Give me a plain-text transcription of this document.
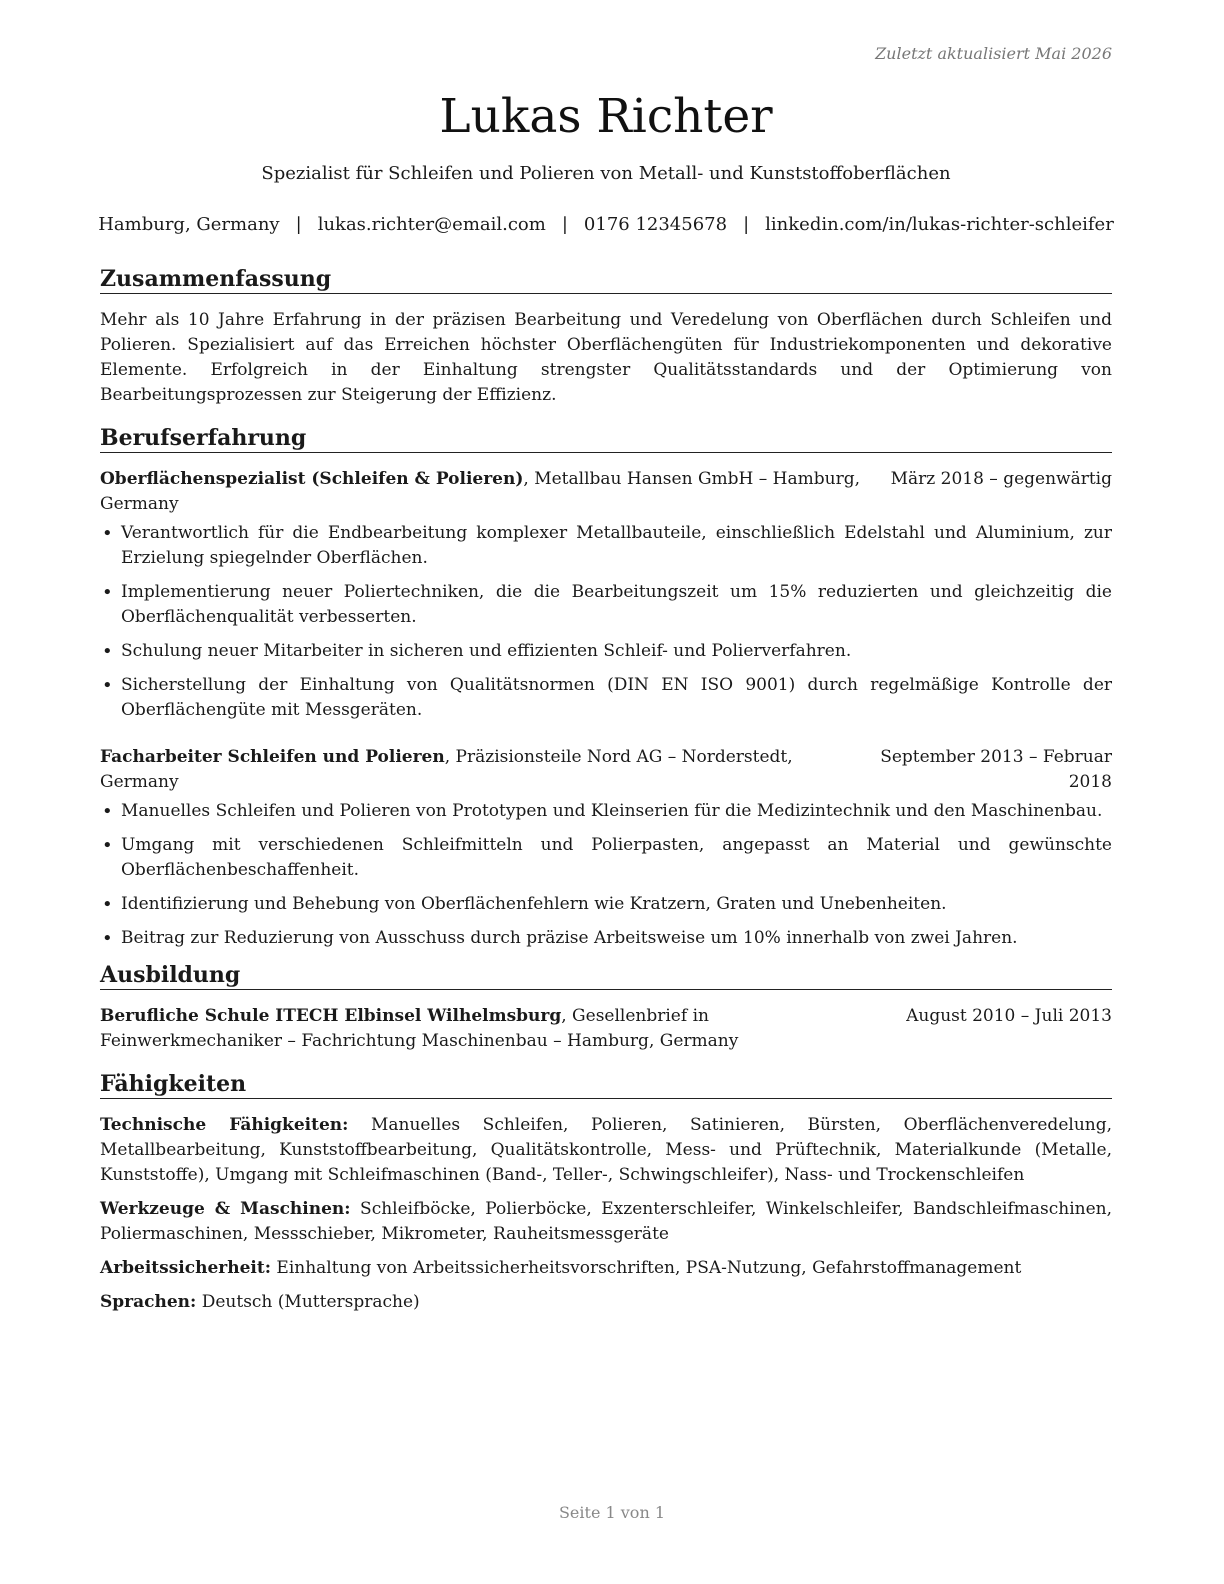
Zuletzt aktualisiert Mai 2026
Lukas Richter
Spezialist für Schleifen und Polieren von Metall- und Kunststoffoberflächen
Hamburg, Germany | lukas.richter@email.com | 0176 12345678 | linkedin.com/in/lukas-richter-schleifer
Zusammenfassung

Mehr als 10 Jahre Erfahrung in der präzisen Bearbeitung und Veredelung von Oberflächen durch Schleifen und Polieren. Spezialisiert auf das Erreichen höchster Oberflächengüten für Industriekomponenten und dekorative Elemente. Erfolgreich in der Einhaltung strengster Qualitätsstandards und der Optimierung von Bearbeitungsprozessen zur Steigerung der Effizienz.

Berufserfahrung
Oberflächenspezialist (Schleifen & Polieren), Metallbau Hansen GmbH – Hamburg, Germany
März 2018 – gegenwärtig
• Verantwortlich für die Endbearbeitung komplexer Metallbauteile, einschließlich Edelstahl und Aluminium, zur Erzielung spiegelnder Oberflächen.
• Implementierung neuer Poliertechniken, die die Bearbeitungszeit um 15% reduzierten und gleichzeitig die Oberflächenqualität verbesserten.
• Schulung neuer Mitarbeiter in sicheren und effizienten Schleif- und Polierverfahren.
• Sicherstellung der Einhaltung von Qualitätsnormen (DIN EN ISO 9001) durch regelmäßige Kontrolle der Oberflächengüte mit Messgeräten.
Facharbeiter Schleifen und Polieren, Präzisionsteile Nord AG – Norderstedt, Germany
September 2013 – Februar 2018
• Manuelles Schleifen und Polieren von Prototypen und Kleinserien für die Medizintechnik und den Maschinenbau.
• Umgang mit verschiedenen Schleifmitteln und Polierpasten, angepasst an Material und gewünschte Oberflächenbeschaffenheit.
• Identifizierung und Behebung von Oberflächenfehlern wie Kratzern, Graten und Unebenheiten.
• Beitrag zur Reduzierung von Ausschuss durch präzise Arbeitsweise um 10% innerhalb von zwei Jahren.
Ausbildung
Berufliche Schule ITECH Elbinsel Wilhelmsburg, Gesellenbrief in Feinwerkmechaniker – Fachrichtung Maschinenbau – Hamburg, Germany
August 2010 – Juli 2013
Fähigkeiten

Technische Fähigkeiten: Manuelles Schleifen, Polieren, Satinieren, Bürsten, Oberflächenveredelung, Metallbearbeitung, Kunststoffbearbeitung, Qualitätskontrolle, Mess- und Prüftechnik, Materialkunde (Metalle, Kunststoffe), Umgang mit Schleifmaschinen (Band-, Teller-, Schwingschleifer), Nass- und Trockenschleifen

Werkzeuge & Maschinen: Schleifböcke, Polierböcke, Exzenterschleifer, Winkelschleifer, Bandschleifmaschinen, Poliermaschinen, Messschieber, Mikrometer, Rauheitsmessgeräte

Arbeitssicherheit: Einhaltung von Arbeitssicherheitsvorschriften, PSA-Nutzung, Gefahrstoffmanagement

Sprachen: Deutsch (Muttersprache)

Seite 1 von 1
